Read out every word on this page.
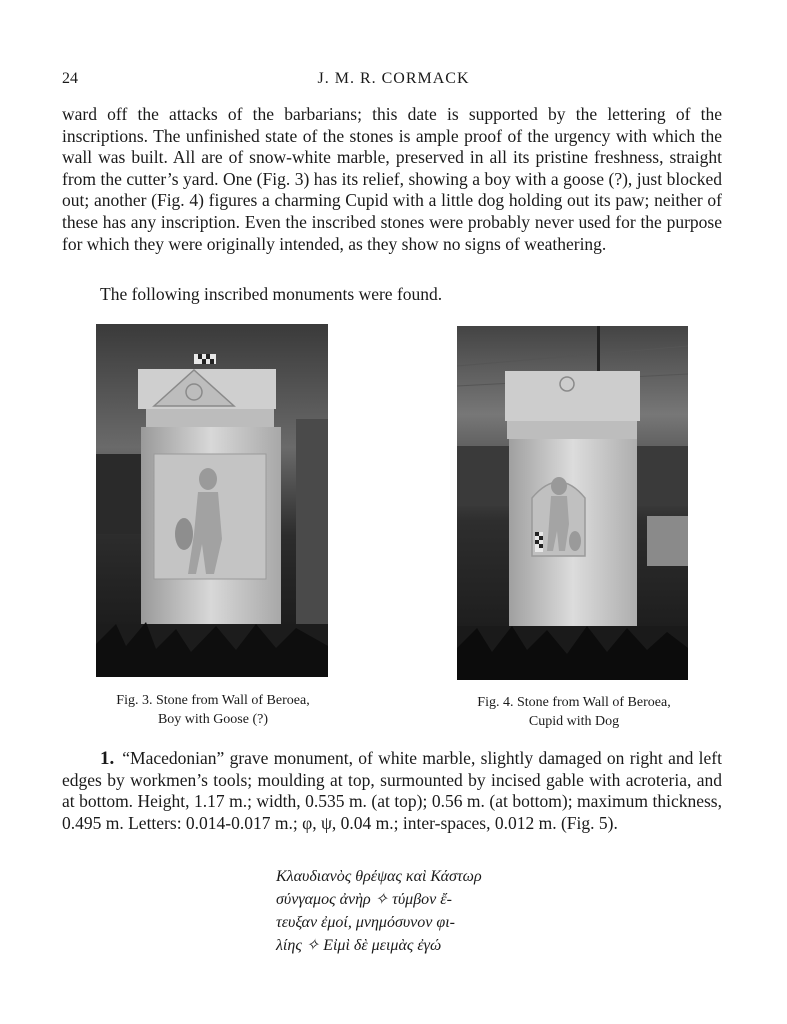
24	J. M. R. CORMACK

ward off the attacks of the barbarians; this date is supported by the lettering of the inscriptions. The unfinished state of the stones is ample proof of the urgency with which the wall was built. All are of snow-white marble, preserved in all its pristine freshness, straight from the cutter’s yard. One (Fig. 3) has its relief, showing a boy with a goose (?), just blocked out; another (Fig. 4) figures a charming Cupid with a little dog holding out its paw; neither of these has any inscription. Even the inscribed stones were probably never used for the purpose for which they were originally intended, as they show no signs of weathering.

The following inscribed monuments were found.

Fig. 3. Stone from Wall of Beroea,
Boy with Goose (?)
Fig. 4. Stone from Wall of Beroea,
Cupid with Dog

1. “Macedonian” grave monument, of white marble, slightly damaged on right and left edges by workmen’s tools; moulding at top, surmounted by incised gable with acroteria, and at bottom. Height, 1.17 m.; width, 0.535 m. (at top); 0.56 m. (at bottom); maximum thickness, 0.495 m. Letters: 0.014-0.017 m.; φ, ψ, 0.04 m.; inter-spaces, 0.012 m. (Fig. 5).

Κλαυδιανὸς θρέψας καὶ Κάστωρ
σύνγαμος ἀνὴρ ✧ τύμβον ἔ-
τευξαν ἐμοί, μνημόσυνον φι-
λίης ✧ Εἰμὶ δὲ μειμὰς ἐγώ
